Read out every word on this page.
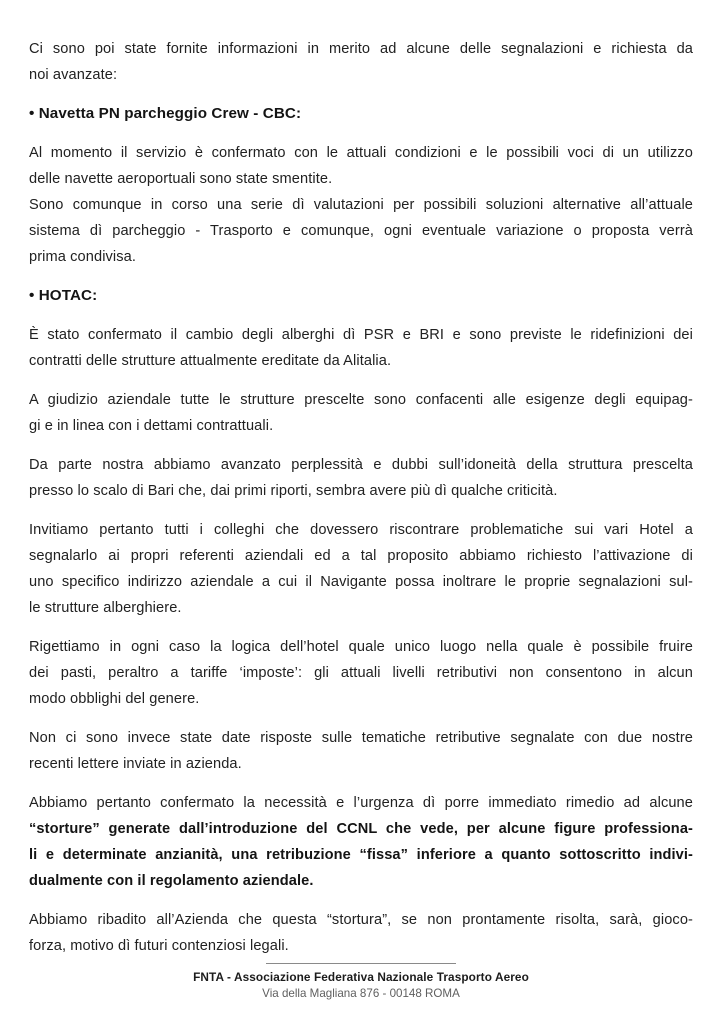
Ci sono poi state fornite informazioni in merito ad alcune delle segnalazioni e richiesta da
noi avanzate:
• Navetta PN parcheggio Crew - CBC:
Al momento il servizio è confermato con le attuali condizioni e le possibili voci di un utilizzo
delle navette aeroportuali sono state smentite.
Sono comunque in corso una serie dì valutazioni per possibili soluzioni alternative all’attuale
sistema dì parcheggio - Trasporto e comunque, ogni eventuale variazione o proposta verrà
prima condivisa.
• HOTAC:
È stato confermato il cambio degli alberghi dì PSR e BRI e sono previste le ridefinizioni dei
contratti delle strutture attualmente ereditate da Alitalia.
A giudizio aziendale tutte le strutture prescelte sono confacenti alle esigenze degli equipag-
gi e in linea con i dettami contrattuali.
Da parte nostra abbiamo avanzato perplessità e dubbi sull’idoneità della struttura prescelta
presso lo scalo di Bari che, dai primi riporti, sembra avere più dì qualche criticità.
Invitiamo pertanto tutti i colleghi che dovessero riscontrare problematiche sui vari Hotel a
segnalarlo ai propri referenti aziendali ed a tal proposito abbiamo richiesto l’attivazione di
uno specifico indirizzo aziendale a cui il Navigante possa inoltrare le proprie segnalazioni sul-
le strutture alberghiere.
Rigettiamo in ogni caso la logica dell’hotel quale unico luogo nella quale è possibile fruire
dei pasti, peraltro a tariffe ‘imposte’: gli attuali livelli retributivi non consentono in alcun
modo obblighi del genere.
Non ci sono invece state date risposte sulle tematiche retributive segnalate con due nostre
recenti lettere inviate in azienda.
Abbiamo pertanto confermato la necessità e l’urgenza dì porre immediato rimedio ad alcune
“storture” generate dall’introduzione del CCNL che vede, per alcune figure professiona-
li e determinate anzianità, una retribuzione “fissa” inferiore a quanto sottoscritto indivi-
dualmente con il regolamento aziendale.
Abbiamo ribadito all’Azienda che questa “stortura”, se non prontamente risolta, sarà, gioco-
forza, motivo dì futuri contenziosi legali.
FNTA - Associazione Federativa Nazionale Trasporto Aereo
Via della Magliana 876 - 00148 ROMA
